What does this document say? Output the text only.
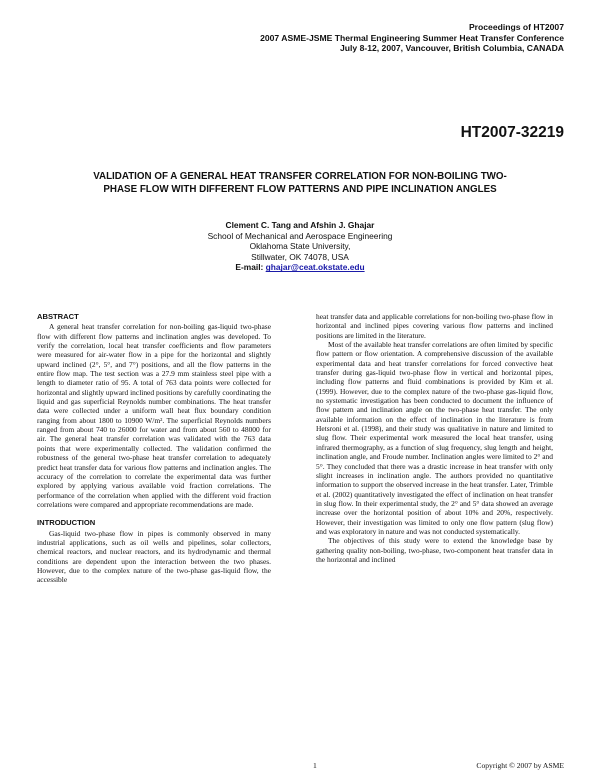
Proceedings of HT2007
2007 ASME-JSME Thermal Engineering Summer Heat Transfer Conference
July 8-12, 2007, Vancouver, British Columbia, CANADA
HT2007-32219
VALIDATION OF A GENERAL HEAT TRANSFER CORRELATION FOR NON-BOILING TWO-
PHASE FLOW WITH DIFFERENT FLOW PATTERNS AND PIPE INCLINATION ANGLES
Clement C. Tang and Afshin J. Ghajar
School of Mechanical and Aerospace Engineering
Oklahoma State University,
Stillwater, OK 74078, USA
E-mail: ghajar@ceat.okstate.edu
ABSTRACT

A general heat transfer correlation for non-boiling gas-liquid two-phase flow with different flow patterns and inclination angles was developed. To verify the correlation, local heat transfer coefficients and flow parameters were measured for air-water flow in a pipe for the horizontal and slightly upward inclined (2°, 5°, and 7°) positions, and all the flow patterns in the entire flow map. The test section was a 27.9 mm stainless steel pipe with a length to diameter ratio of 95. A total of 763 data points were collected for horizontal and slightly upward inclined positions by carefully coordinating the liquid and gas superficial Reynolds number combinations. The heat transfer data were collected under a uniform wall heat flux boundary condition ranging from about 1800 to 10900 W/m². The superficial Reynolds numbers ranged from about 740 to 26000 for water and from about 560 to 48000 for air. The general heat transfer correlation was validated with the 763 data points that were experimentally collected. The validation confirmed the robustness of the general two-phase heat transfer correlation to adequately predict heat transfer data for various flow patterns and inclination angles. The accuracy of the correlation to correlate the experimental data was further explored by applying various available void fraction correlations. The performance of the correlation when applied with the different void fraction correlations were compared and appropriate recommendations are made.

INTRODUCTION

Gas-liquid two-phase flow in pipes is commonly observed in many industrial applications, such as oil wells and pipelines, solar collectors, chemical reactors, and nuclear reactors, and its hydrodynamic and thermal conditions are dependent upon the interaction between the two phases. However, due to the complex nature of the two-phase gas-liquid flow, the accessible

heat transfer data and applicable correlations for non-boiling two-phase flow in horizontal and inclined pipes covering various flow patterns and inclined positions are limited in the literature.

Most of the available heat transfer correlations are often limited by specific flow pattern or flow orientation. A comprehensive discussion of the available experimental data and heat transfer correlations for forced convective heat transfer during gas-liquid two-phase flow in vertical and horizontal pipes, including flow patterns and fluid combinations is provided by Kim et al. (1999). However, due to the complex nature of the two-phase gas-liquid flow, no systematic investigation has been conducted to document the influence of flow pattern and inclination angle on the two-phase heat transfer. The only available information on the effect of inclination in the literature is from Hetsroni et al. (1998), and their study was qualitative in nature and limited to slug flow. Their experimental work measured the local heat transfer, using infrared thermography, as a function of slug frequency, slug length and height, inclination angle, and Froude number. Inclination angles were limited to 2° and 5°. They concluded that there was a drastic increase in heat transfer with only slight increases in inclination angle. The authors provided no quantitative information to support the observed increase in the heat transfer. Later, Trimble et al. (2002) quantitatively investigated the effect of inclination on heat transfer in slug flow. In their experimental study, the 2° and 5° data showed an average increase over the horizontal position of about 10% and 20%, respectively. However, their investigation was limited to only one flow pattern (slug flow) and was exploratory in nature and was not conducted systematically.

The objectives of this study were to extend the knowledge base by gathering quality non-boiling, two-phase, two-component heat transfer data in the horizontal and inclined

1	Copyright © 2007 by ASME
